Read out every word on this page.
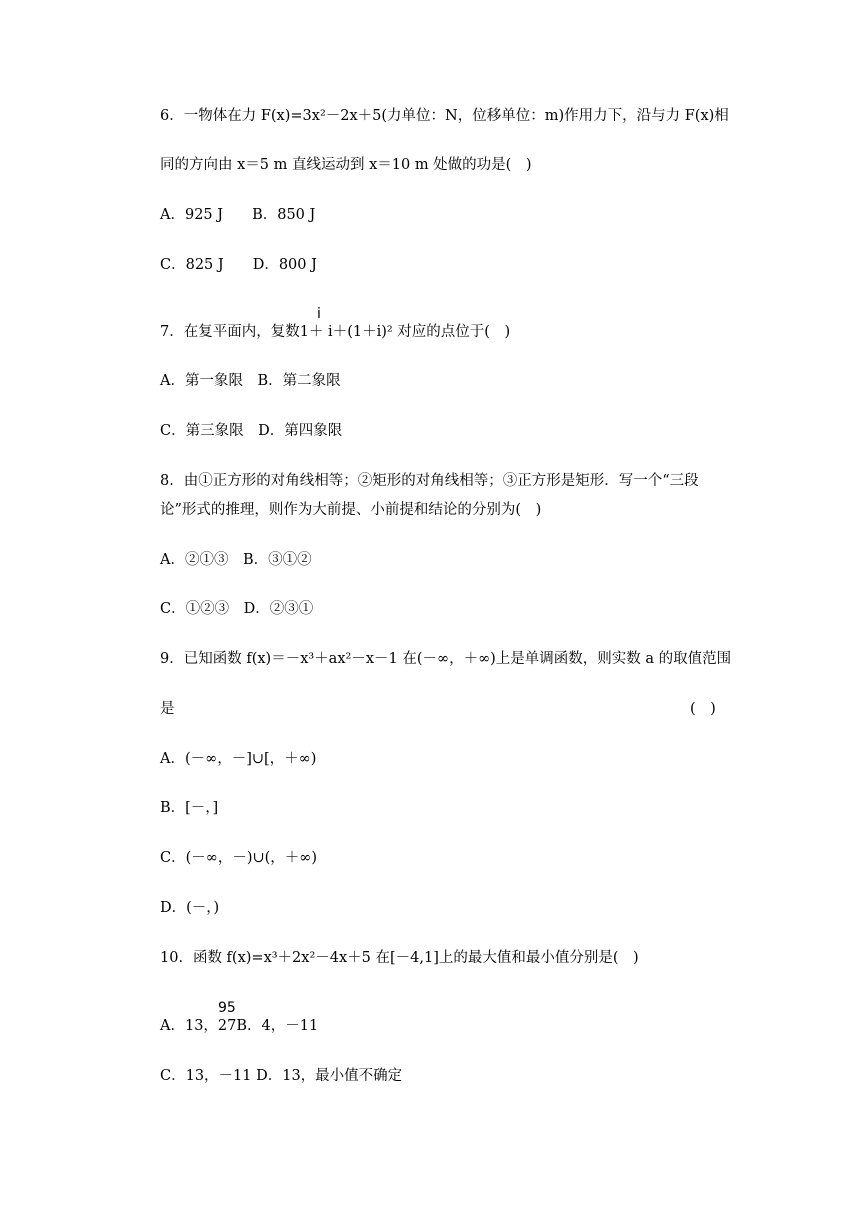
6．一物体在力 F(x)=3x²－2x＋5(力单位：N，位移单位：m)作用力下，沿与力 F(x)相
同的方向由 x＝5 m 直线运动到 x＝10 m 处做的功是(　)
A．925 J　　B．850 J
C．825 J　　D．800 J
i
7．在复平面内，复数1＋ i＋(1＋i)² 对应的点位于(　)
A．第一象限　B．第二象限
C．第三象限　D．第四象限
8．由①正方形的对角线相等；②矩形的对角线相等；③正方形是矩形．写一个“三段
论”形式的推理，则作为大前提、小前提和结论的分别为(　)
A．②①③　B．③①②
C．①②③　D．②③①
9．已知函数 f(x)＝－x³＋ax²－x－1 在(－∞，＋∞)上是单调函数，则实数 a 的取值范围
是	(　)
A．(－∞，－]∪[，＋∞)
B．[－，]
C．(－∞，－)∪(，＋∞)
D．(－，)
10．函数 f(x)=x³＋2x²－4x＋5 在[－4,1]上的最大值和最小值分别是(　)
95
A．13，27B．4，－11
C．13，－11 D．13，最小值不确定
